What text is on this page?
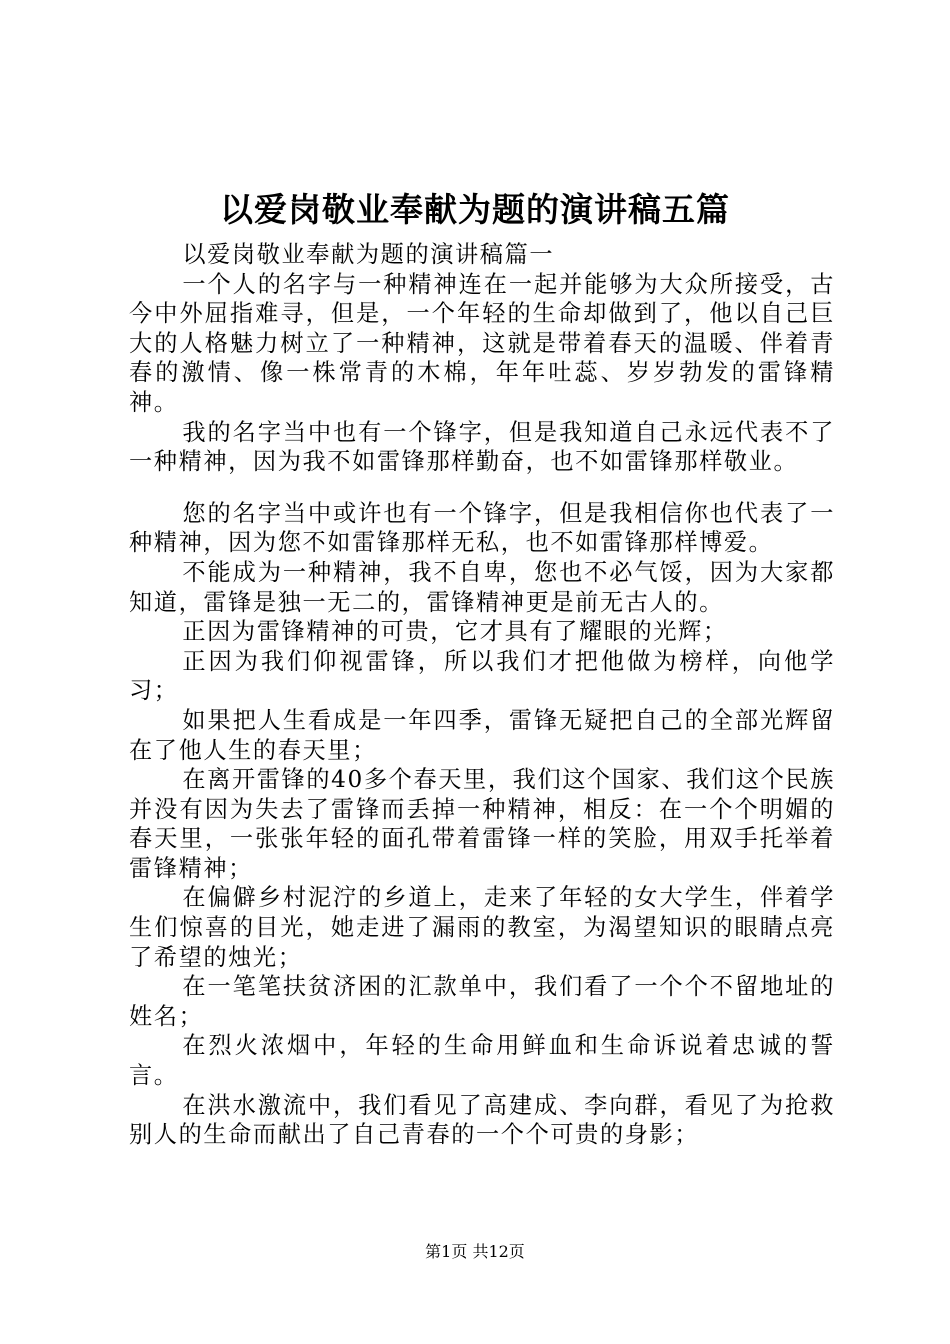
以爱岗敬业奉献为题的演讲稿五篇

以爱岗敬业奉献为题的演讲稿篇一

一个人的名字与一种精神连在一起并能够为大众所接受，古今中外屈指难寻，但是，一个年轻的生命却做到了，他以自己巨大的人格魅力树立了一种精神，这就是带着春天的温暖、伴着青春的激情、像一株常青的木棉，年年吐蕊、岁岁勃发的雷锋精神。

我的名字当中也有一个锋字，但是我知道自己永远代表不了一种精神，因为我不如雷锋那样勤奋，也不如雷锋那样敬业。

您的名字当中或许也有一个锋字，但是我相信你也代表了一种精神，因为您不如雷锋那样无私，也不如雷锋那样博爱。

不能成为一种精神，我不自卑，您也不必气馁，因为大家都知道，雷锋是独一无二的，雷锋精神更是前无古人的。

正因为雷锋精神的可贵，它才具有了耀眼的光辉；

正因为我们仰视雷锋，所以我们才把他做为榜样，向他学习；

如果把人生看成是一年四季，雷锋无疑把自己的全部光辉留在了他人生的春天里；

在离开雷锋的40多个春天里，我们这个国家、我们这个民族并没有因为失去了雷锋而丢掉一种精神，相反：在一个个明媚的春天里，一张张年轻的面孔带着雷锋一样的笑脸，用双手托举着雷锋精神；

在偏僻乡村泥泞的乡道上，走来了年轻的女大学生，伴着学生们惊喜的目光，她走进了漏雨的教室，为渴望知识的眼睛点亮了希望的烛光；

在一笔笔扶贫济困的汇款单中，我们看了一个个不留地址的姓名；

在烈火浓烟中，年轻的生命用鲜血和生命诉说着忠诚的誓言。

在洪水激流中，我们看见了高建成、李向群，看见了为抢救别人的生命而献出了自己青春的一个个可贵的身影；

第1页 共12页
